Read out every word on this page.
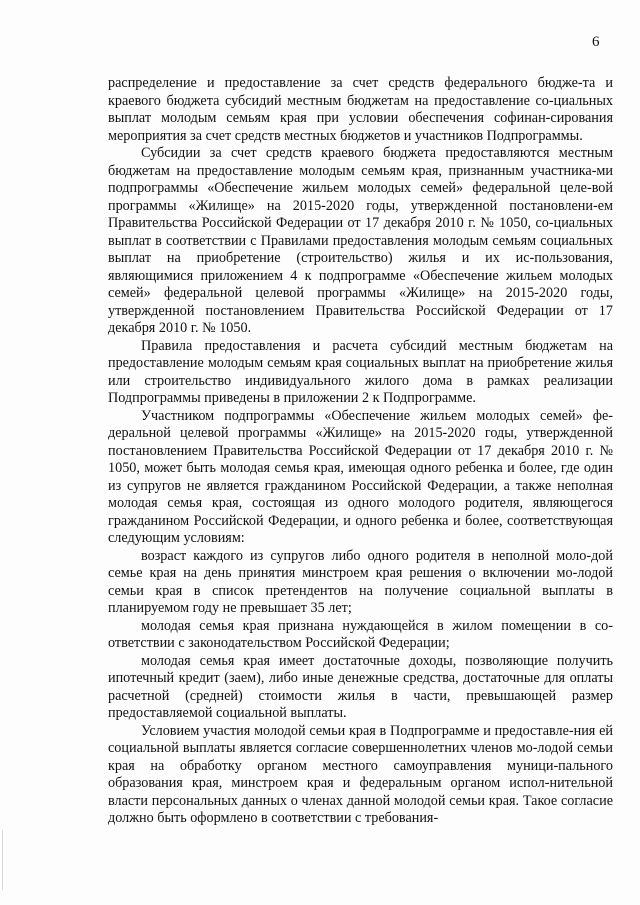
6

распределение и предоставление за счет средств федерального бюдже-та и краевого бюджета субсидий местным бюджетам на предоставление со-циальных выплат молодым семьям края при условии обеспечения софинан-сирования мероприятия за счет средств местных бюджетов и участников Подпрограммы.

Субсидии за счет средств краевого бюджета предоставляются местным бюджетам на предоставление молодым семьям края, признанным участника-ми подпрограммы «Обеспечение жильем молодых семей» федеральной целе-вой программы «Жилище» на 2015-2020 годы, утвержденной постановлени-ем Правительства Российской Федерации от 17 декабря 2010 г. № 1050, со-циальных выплат в соответствии с Правилами предоставления молодым семьям социальных выплат на приобретение (строительство) жилья и их ис-пользования, являющимися приложением 4 к подпрограмме «Обеспечение жильем молодых семей» федеральной целевой программы «Жилище» на 2015-2020 годы, утвержденной постановлением Правительства Российской Федерации от 17 декабря 2010 г. № 1050.

Правила предоставления и расчета субсидий местным бюджетам на предоставление молодым семьям края социальных выплат на приобретение жилья или строительство индивидуального жилого дома в рамках реализации Подпрограммы приведены в приложении 2 к Подпрограмме.

Участником подпрограммы «Обеспечение жильем молодых семей» фе-деральной целевой программы «Жилище» на 2015-2020 годы, утвержденной постановлением Правительства Российской Федерации от 17 декабря 2010 г. № 1050, может быть молодая семья края, имеющая одного ребенка и более, где один из супругов не является гражданином Российской Федерации, а также неполная молодая семья края, состоящая из одного молодого родителя, являющегося гражданином Российской Федерации, и одного ребенка и более, соответствующая следующим условиям:

возраст каждого из супругов либо одного родителя в неполной моло-дой семье края на день принятия минстроем края решения о включении мо-лодой семьи края в список претендентов на получение социальной выплаты в планируемом году не превышает 35 лет;

молодая семья края признана нуждающейся в жилом помещении в со-ответствии с законодательством Российской Федерации;

молодая семья края имеет достаточные доходы, позволяющие получить ипотечный кредит (заем), либо иные денежные средства, достаточные для оплаты расчетной (средней) стоимости жилья в части, превышающей размер предоставляемой социальной выплаты.

Условием участия молодой семьи края в Подпрограмме и предоставле-ния ей социальной выплаты является согласие совершеннолетних членов мо-лодой семьи края на обработку органом местного самоуправления муници-пального образования края, минстроем края и федеральным органом испол-нительной власти персональных данных о членах данной молодой семьи края. Такое согласие должно быть оформлено в соответствии с требования-
